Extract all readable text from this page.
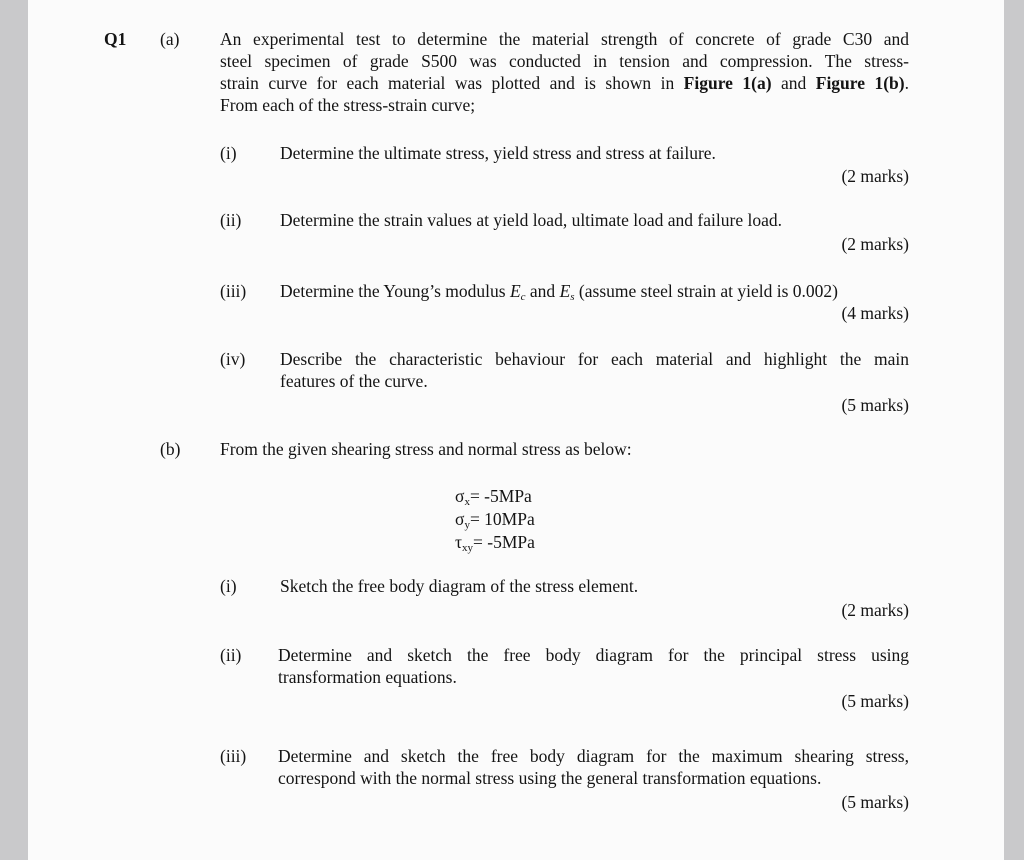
Q1 (a) An experimental test to determine the material strength of concrete of grade C30 and
steel specimen of grade S500 was conducted in tension and compression. The stress-
strain curve for each material was plotted and is shown in Figure 1(a) and Figure 1(b).
From each of the stress-strain curve;
(i) Determine the ultimate stress, yield stress and stress at failure.
(2 marks)
(ii) Determine the strain values at yield load, ultimate load and failure load.
(2 marks)
(iii) Determine the Young’s modulus $E_c$ and $E_s$ (assume steel strain at yield is 0.002)
(4 marks)
(iv) Describe the characteristic behaviour for each material and highlight the main
features of the curve.
(5 marks)
(b) From the given shearing stress and normal stress as below:
$\sigma_x= -5MPa$
$\sigma_y= 10MPa$
$\tau_{xy}= -5MPa$
(i) Sketch the free body diagram of the stress element.
(2 marks)
(ii) Determine and sketch the free body diagram for the principal stress using
transformation equations.
(5 marks)
(iii) Determine and sketch the free body diagram for the maximum shearing stress,
correspond with the normal stress using the general transformation equations.
(5 marks)
